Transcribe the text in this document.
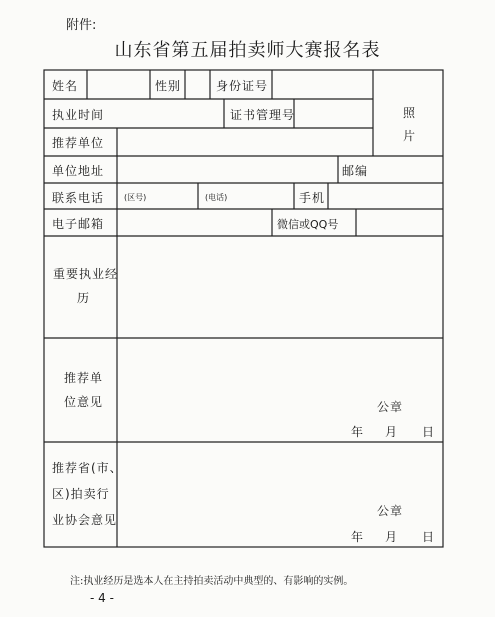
附件:
山东省第五届拍卖师大赛报名表
姓名	性别	身份证号
照
片
执业时间	证书管理号
推荐单位
单位地址	邮编
联系电话 (区号)	(电话)	手机
电子邮箱	微信或QQ号
重要执业经
历
推荐单
位意见	公章
年 月 日
推荐省(市、
区)拍卖行
业协会意见
公章
年 月 日
注:执业经历是选本人在主持拍卖活动中典型的、有影响的实例。
- 4 -
